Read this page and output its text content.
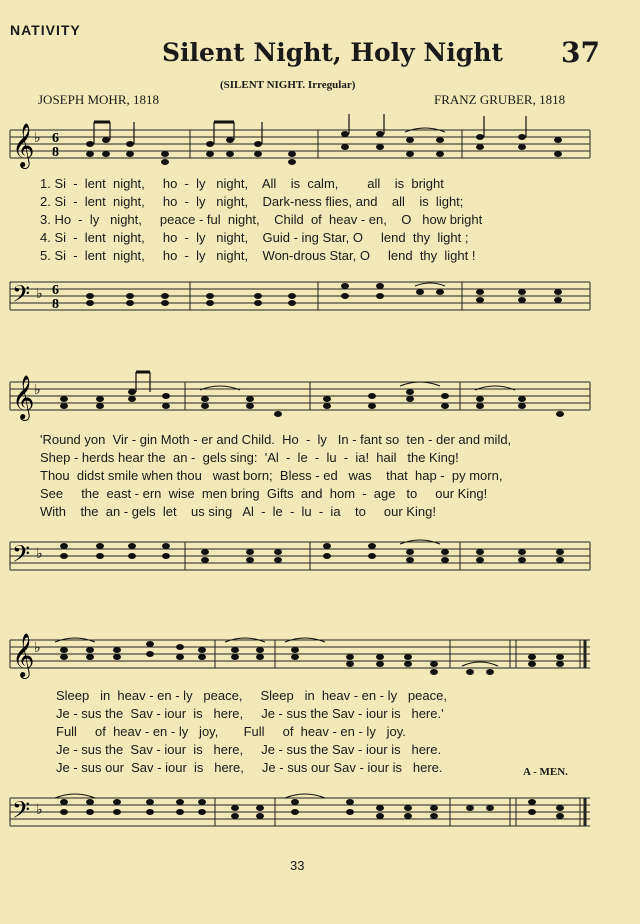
NATIVITY
Silent Night, Holy Night 37
(SILENT NIGHT. Irregular)
JOSEPH MOHR, 1818	FRANZ GRUBER, 1818
𝄞 ♭ 6
8
1. Si  -  lent  night,     ho  -  ly   night,    All    is  calm,        all    is  bright
2. Si  -  lent  night,     ho  -  ly   night,    Dark-ness flies, and    all    is  light;
3. Ho  -  ly   night,     peace - ful  night,    Child  of  heav - en,    O   how bright
4. Si  -  lent  night,     ho  -  ly   night,    Guid - ing Star, O     lend  thy  light ;
5. Si  -  lent  night,     ho  -  ly   night,    Won-drous Star, O     lend  thy  light !
𝄢 ♭ 6
8
𝄞 ♭
'Round yon  Vir - gin Moth - er and Child.  Ho  -  ly   In - fant so  ten - der and mild,
Shep - herds hear the  an -  gels sing:  'Al  -  le  -  lu  -  ia!  hail   the King!
Thou  didst smile when thou   wast born;  Bless - ed   was    that  hap -  py morn,
See     the  east - ern  wise  men bring  Gifts  and  hom  -  age   to     our King!
With    the  an - gels  let    us sing   Al  -  le  -  lu  -  ia    to     our King!
𝄢 ♭
𝄞 ♭
Sleep   in  heav - en - ly   peace,     Sleep   in  heav - en - ly   peace,
Je - sus the  Sav - iour  is   here,     Je - sus the Sav - iour is   here.'
Full     of  heav - en - ly   joy,       Full     of  heav - en - ly   joy.
Je - sus the  Sav - iour  is   here,     Je - sus the Sav - iour is   here.
Je - sus our  Sav - iour  is   here,     Je - sus our Sav - iour is   here.	A - MEN.
𝄢 ♭
33
